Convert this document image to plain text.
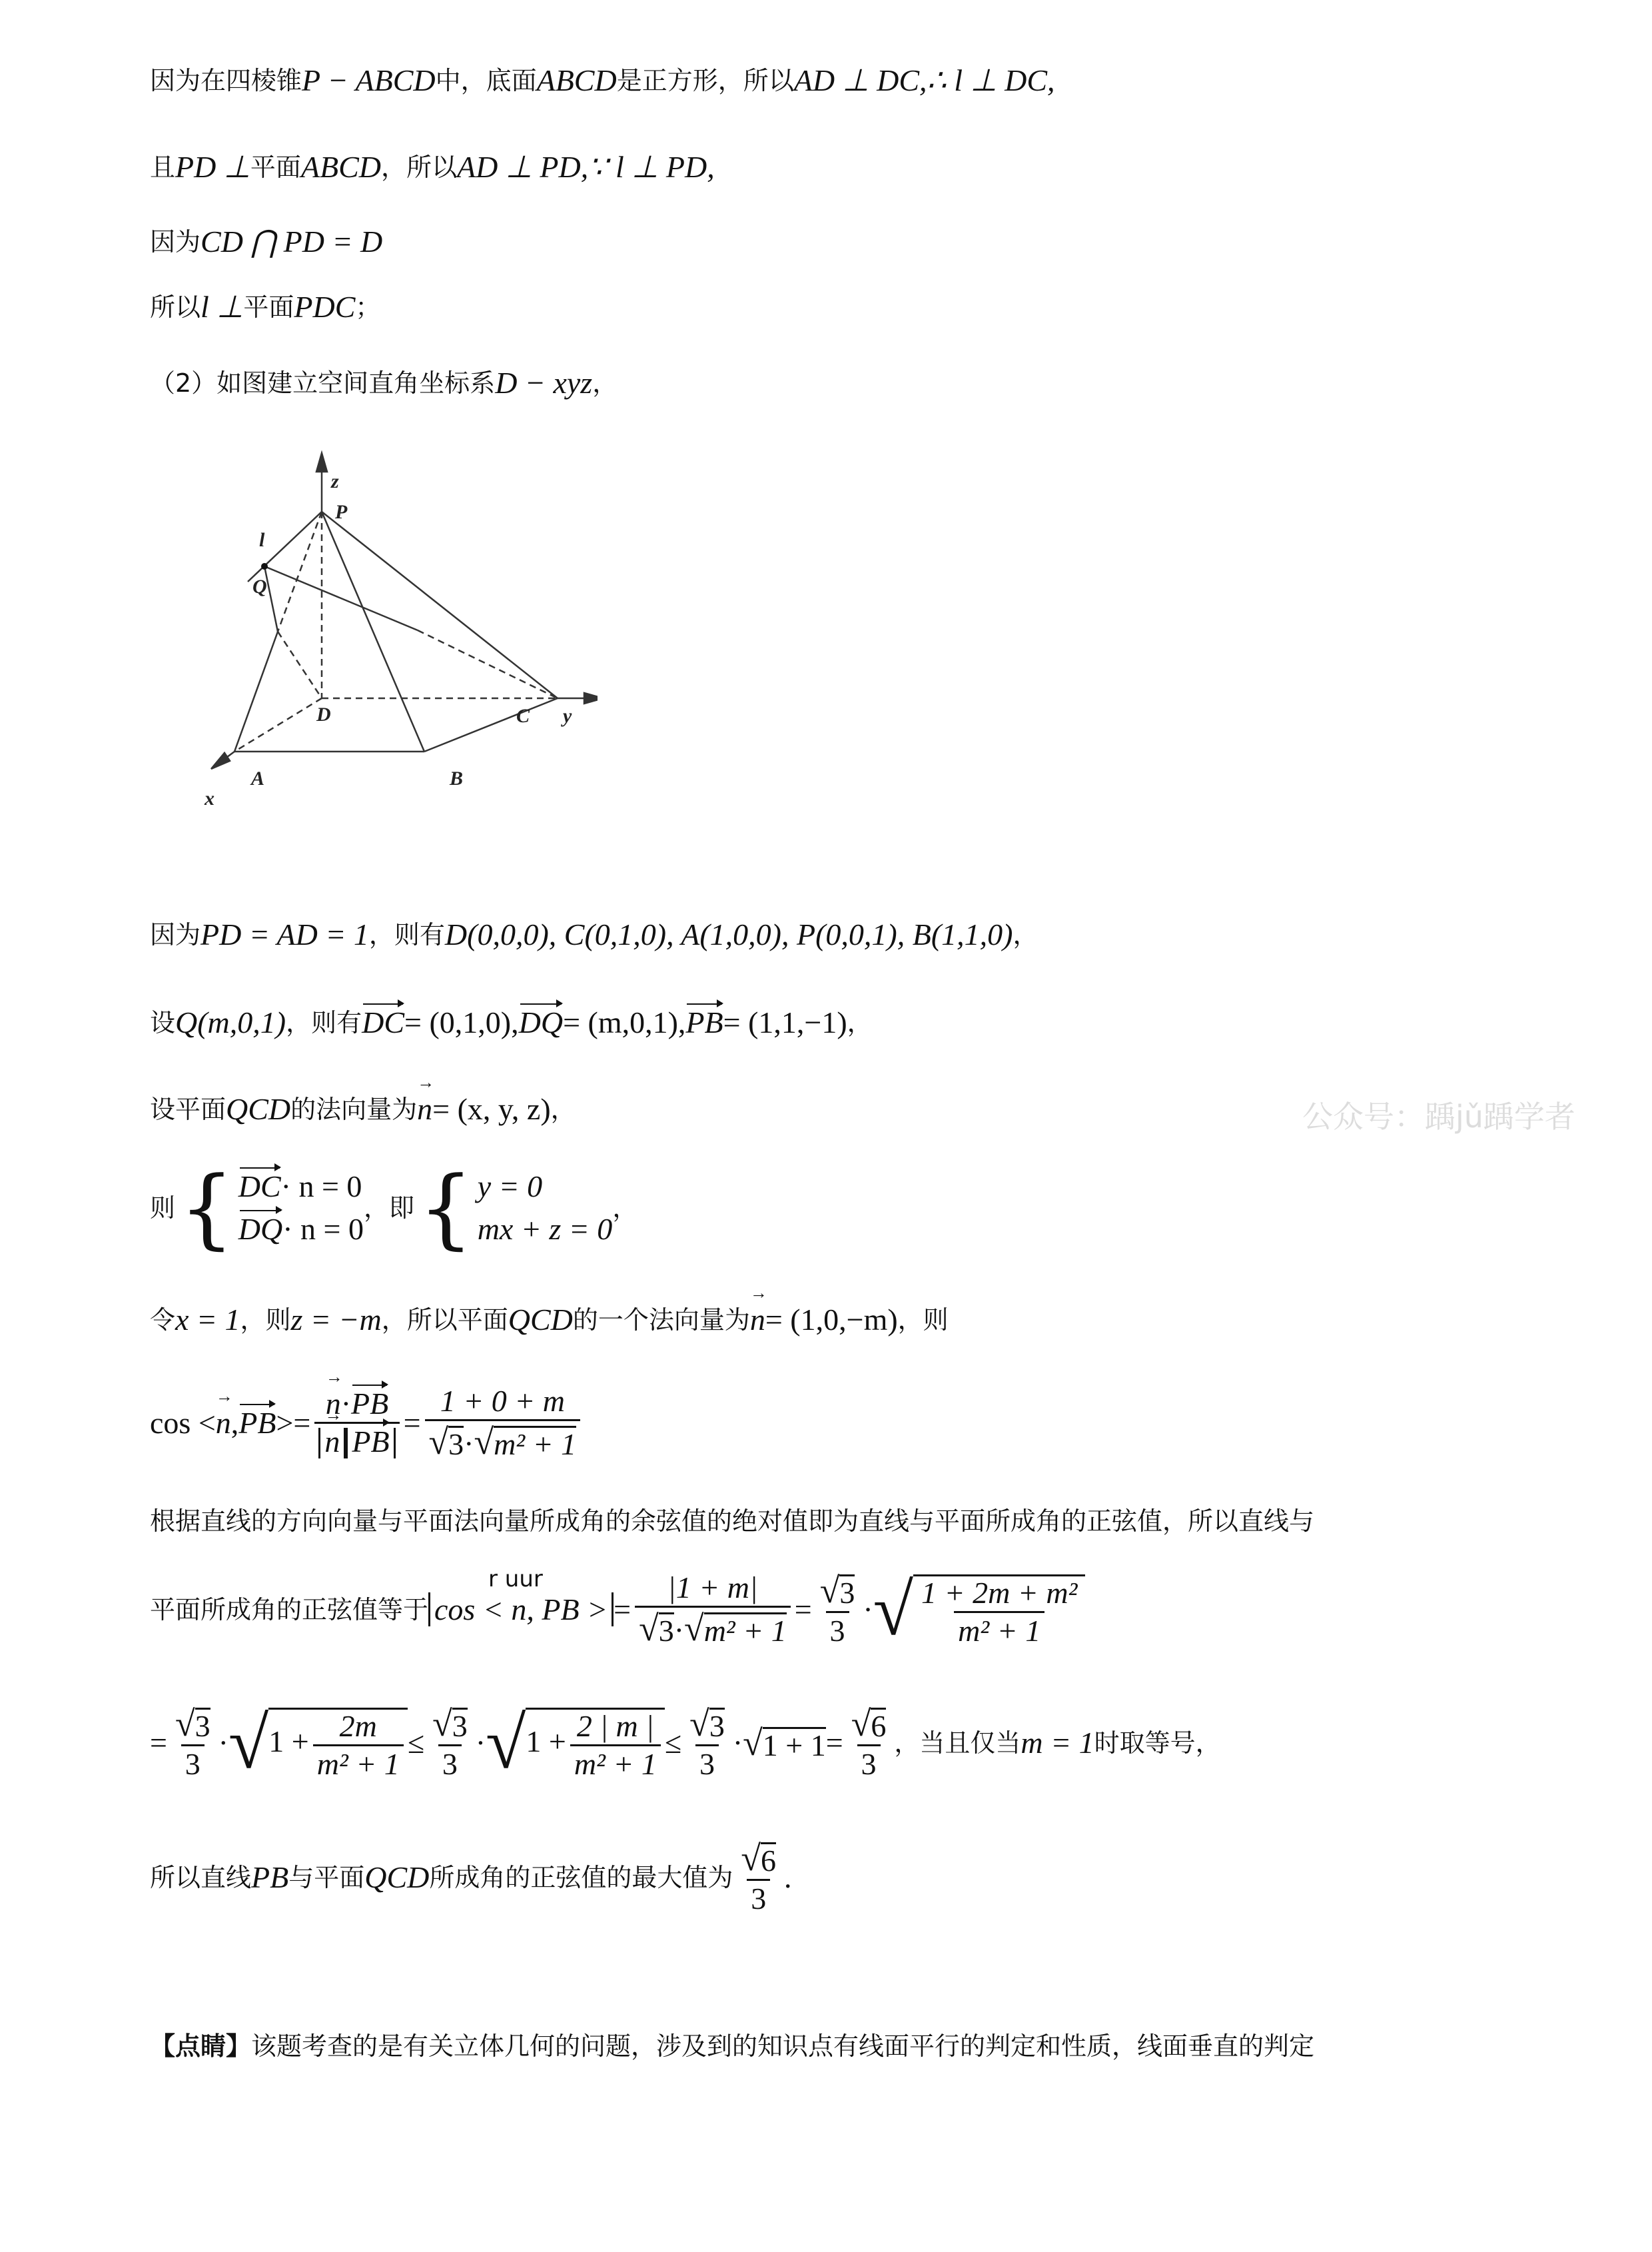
因为在四棱锥 P − ABCD 中，底面 ABCD 是正方形，所以 AD ⊥ DC,∴ l ⊥ DC,
且 PD ⊥ 平面 ABCD ，所以 AD ⊥ PD,∵ l ⊥ PD,
因为 CD ⋂ PD = D
所以 l ⊥ 平面 PDC ；
（2）如图建立空间直角坐标系 D − xyz ，
z
P
l
Q
D	C y
A	B
x
因为 PD = AD = 1 ，则有 D(0,0,0), C(0,1,0), A(1,0,0), P(0,0,1), B(1,1,0) ，
设 Q(m,0,1) ，则有 DC = (0,1,0), DQ = (m,0,1), PB = (1,1,−1) ，
设平面 QCD 的法向量为 n → = (x, y, z) ，	公众号：踽jǔ踽学者
则 { DC· n = 0
DQ· n = 0
，即 { y = 0
mx + z = 0
，
令 x = 1 ，则 z = −m ，所以平面 QCD 的一个法向量为 n → = (1,0,−m) ，则
cos < n → , PB >= $\frac{n \to\cdot PB}{n \to PB} = \frac{1 + 0 + m}{\text{√ 3 · √ m² + 1}}$
根据直线的方向向量与平面法向量所成角的余弦值的绝对值即为直线与平面所成角的正弦值，所以直线与
平面所成角的正弦值等于
r uur
cos < n, PB > = $\frac{|1 + m|}{\text{√ 3 · √ m² + 1}} = \frac{√ 3}{3}$ · √ $\frac{\text{1 + 2m + m²}}{\text{m² + 1}}$
= $\frac{√ 3}{3}$ · √ $1 + \frac{2m}{\text{m² + 1}} \le \frac{√ 3}{3}$ · √ $1 + \frac{2 | m |}{\text{m² + 1}} \le \frac{√ 3}{3}$ · √ $1 + 1 = \frac{√ 6}{3}$ ，当且仅当 m = 1 时取等号，
所以直线 PB 与平面 QCD 所成角的正弦值的最大值为 $\frac{√ 6}{3}$ .
【点睛】 该题考查的是有关立体几何的问题，涉及到的知识点有线面平行的判定和性质，线面垂直的判定
